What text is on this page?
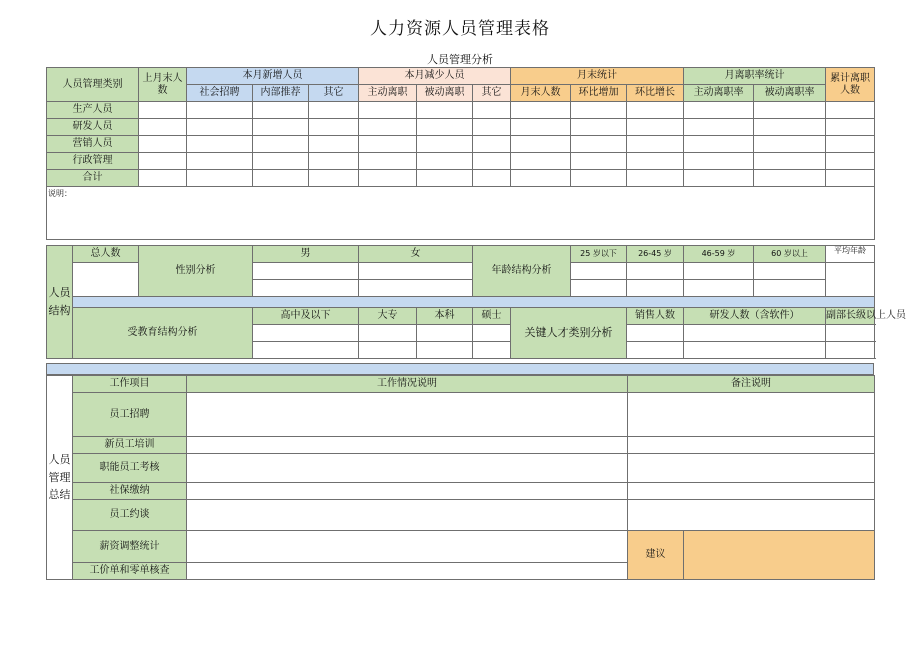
人力资源人员管理表格
人员管理分析
人员管理类别	上月末人数	本月新增人员			本月减少人员			月末统计			月离职率统计		累计离职人数
		社会招聘	内部推荐	其它	主动离职	被动离职	其它	月末人数	环比增加	环比增长	主动离职率	被动离职率	
生产人员													
研发人员													
营销人员													
行政管理													
合计													
说明：													
人员结构	总人数	性别分析	男	女		年龄结构分析		25 岁以下	26-45 岁	46-59 岁	60 岁以上	平均年龄

	受教育结构分析		高中及以下	大专	本科	硕士	关键人才类别分析		销售人数	研发人数（含软件）		副部长级以上人员

人员管理总结	工作项目	工作情况说明	备注说明	
	员工招聘			
	新员工培训			
	职能员工考核			
	社保缴纳			
	员工约谈			
	薪资调整统计		建议	
	工价单和零单核查			
